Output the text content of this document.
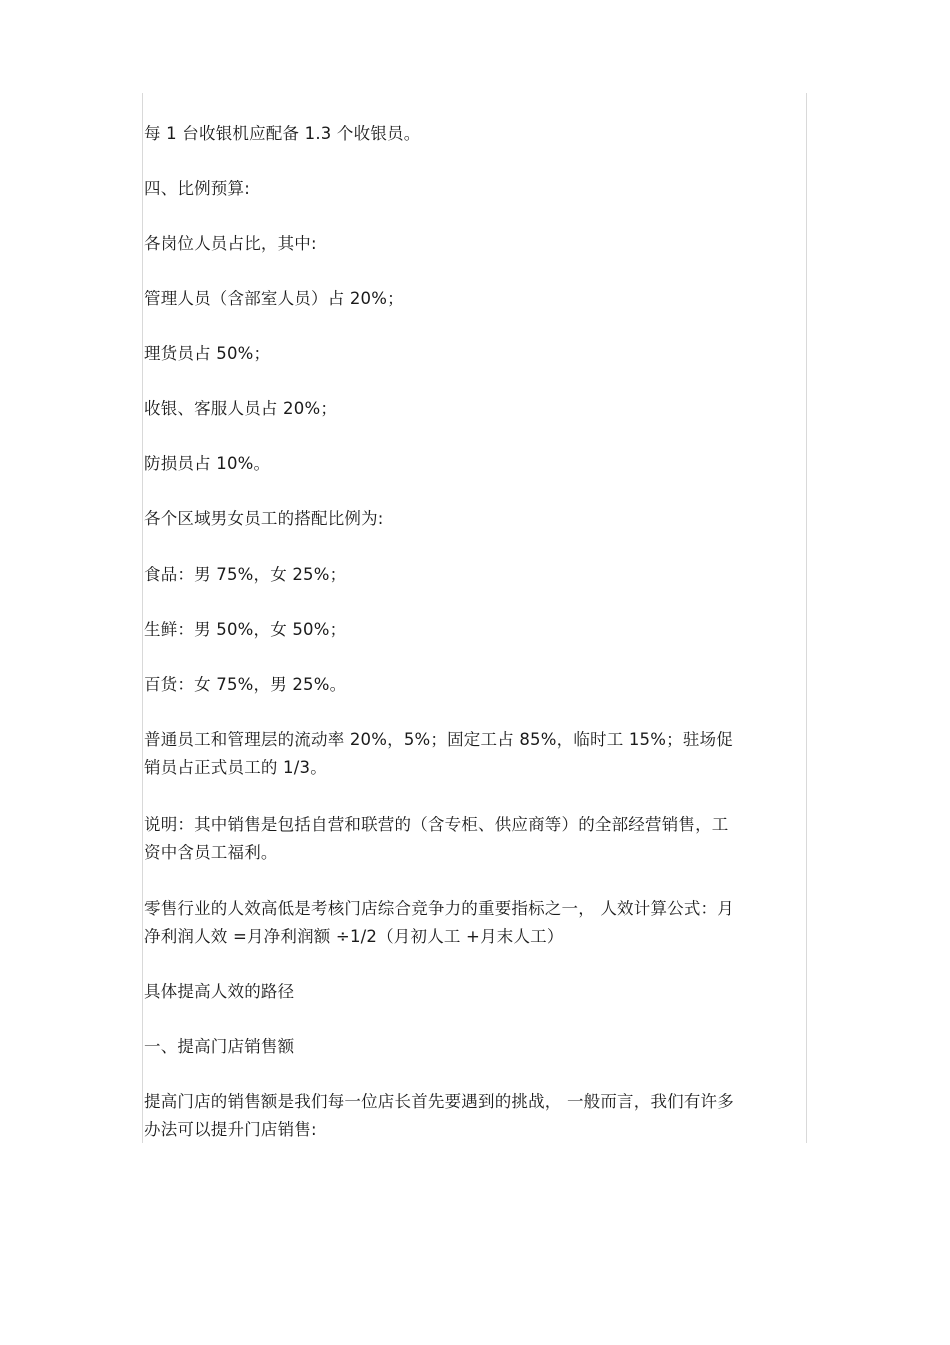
每 1 台收银机应配备 1.3 个收银员。

四、比例预算:

各岗位人员占比，其中:

管理人员（含部室人员）占 20%；

理货员占 50%；

收银、客服人员占 20%；

防损员占 10%。

各个区域男女员工的搭配比例为:

食品：男 75%，女 25%；

生鲜：男 50%，女 50%；

百货：女 75%，男 25%。

普通员工和管理层的流动率 20%，5%；固定工占 85%，临时工 15%；驻场促
销员占正式员工的 1/3。

说明：其中销售是包括自营和联营的（含专柜、供应商等）的全部经营销售，工
资中含员工福利。

零售行业的人效高低是考核门店综合竞争力的重要指标之一， 人效计算公式：月
净利润人效 =月净利润额 ÷1/2（月初人工 +月末人工）

具体提高人效的路径

一、提高门店销售额

提高门店的销售额是我们每一位店长首先要遇到的挑战， 一般而言，我们有许多
办法可以提升门店销售:
